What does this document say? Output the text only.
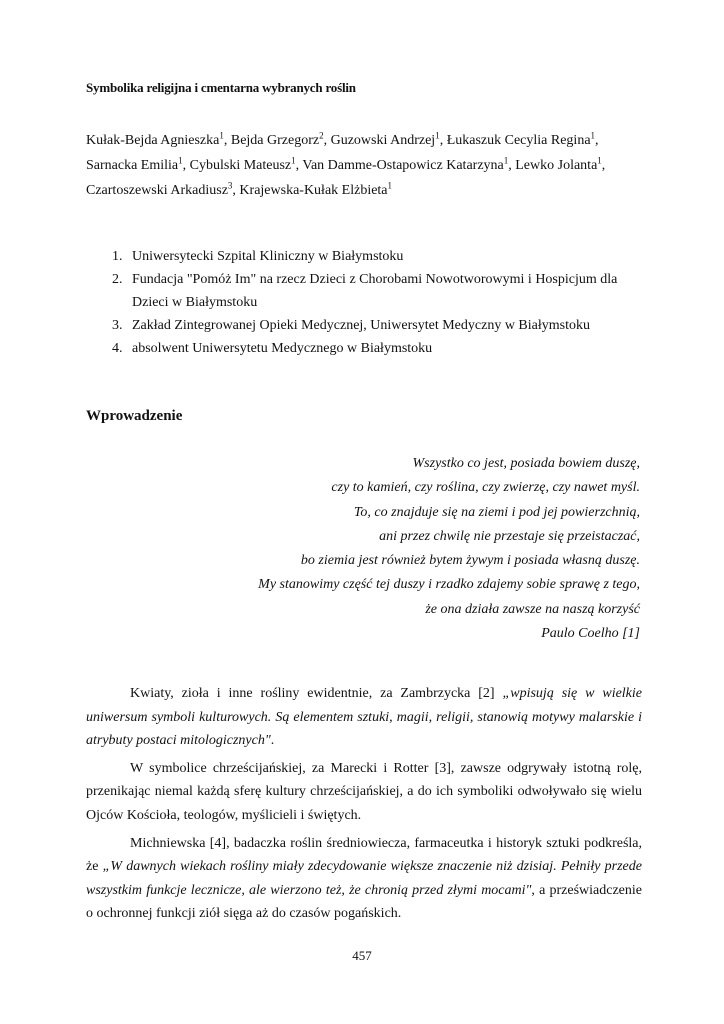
Symbolika religijna i cmentarna wybranych roślin
Kułak-Bejda Agnieszka$^1$, Bejda Grzegorz$^2$, Guzowski Andrzej$^1$, Łukaszuk Cecylia Regina$^1$, Sarnacka Emilia$^1$, Cybulski Mateusz$^1$, Van Damme-Ostapowicz Katarzyna$^1$, Lewko Jolanta$^1$, Czartoszewski Arkadiusz$^3$, Krajewska-Kułak Elżbieta$^1$
1. Uniwersytecki Szpital Kliniczny w Białymstoku
2. Fundacja "Pomóż Im" na rzecz Dzieci z Chorobami Nowotworowymi i Hospicjum dla Dzieci w Białymstoku
3. Zakład Zintegrowanej Opieki Medycznej, Uniwersytet Medyczny w Białymstoku
4. absolwent Uniwersytetu Medycznego w Białymstoku
Wprowadzenie
Wszystko co jest, posiada bowiem duszę,
czy to kamień, czy roślina, czy zwierzę, czy nawet myśl.
To, co znajduje się na ziemi i pod jej powierzchnią,
ani przez chwilę nie przestaje się przeistaczać,
bo ziemia jest również bytem żywym i posiada własną duszę.
My stanowimy część tej duszy i rzadko zdajemy sobie sprawę z tego,
że ona działa zawsze na naszą korzyść
Paulo Coelho [1]

Kwiaty, zioła i inne rośliny ewidentnie, za Zambrzycka [2] „wpisują się w wielkie uniwersum symboli kulturowych. Są elementem sztuki, magii, religii, stanowią motywy malarskie i atrybuty postaci mitologicznych".

W symbolice chrześcijańskiej, za Marecki i Rotter [3], zawsze odgrywały istotną rolę, przenikając niemal każdą sferę kultury chrześcijańskiej, a do ich symboliki odwoływało się wielu Ojców Kościoła, teologów, myślicieli i świętych.

Michniewska [4], badaczka roślin średniowiecza, farmaceutka i historyk sztuki podkreśla, że „W dawnych wiekach rośliny miały zdecydowanie większe znaczenie niż dzisiaj. Pełniły przede wszystkim funkcje lecznicze, ale wierzono też, że chronią przed złymi mocami", a przeświadczenie o ochronnej funkcji ziół sięga aż do czasów pogańskich.

457
